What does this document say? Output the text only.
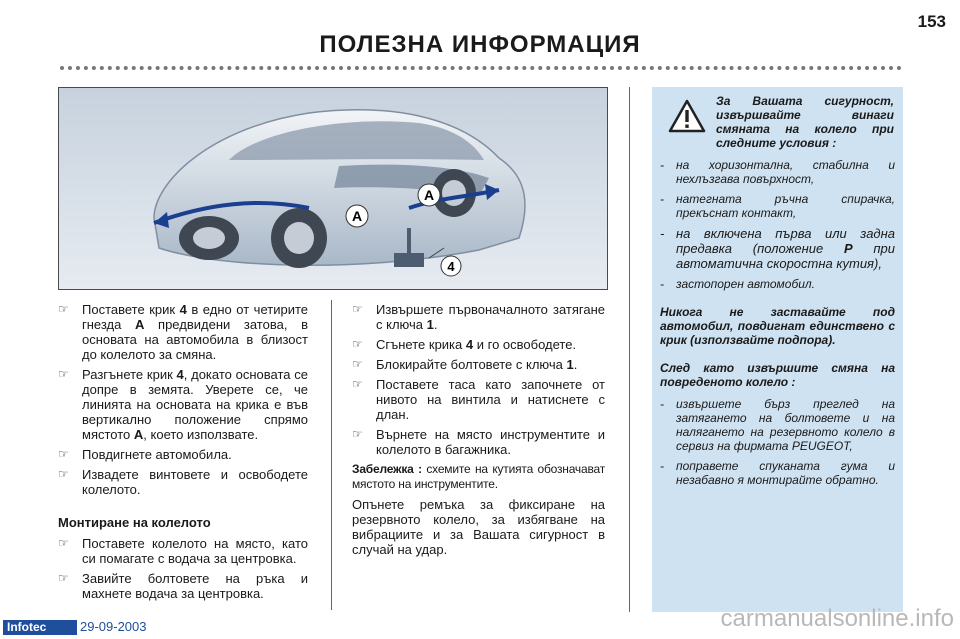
153
ПОЛЕЗНА ИНФОРМАЦИЯ
A
A
4
☞ Поставете крик 4 в едно от четирите гнезда A предвидени затова, в основата на автомобила в близост до колелото за смяна.
☞ Разгънете крик 4, докато основата се допре в земята. Уверете се, че линията на основата на крика е във вертикално положение спрямо мястото A, което използвате.
☞ Повдигнете автомобила.
☞ Извадете винтовете и освободете колелото.
Монтиране на колелото
☞ Поставете колелото на място, като си помагате с водача за центровка.
☞ Завийте болтовете на ръка и махнете водача за центровка.
☞ Извършете първоначалното затягане с ключа 1.
☞ Сгънете крика 4 и го освободете.
☞ Блокирайте болтовете с ключа 1.
☞ Поставете таса като започнете от нивото на винтила и натиснете с длан.
☞ Върнете на място инструментите и колелото в багажника.
Забележка : схемите на кутията обозначават мястото на инструментите.
Опънете ремъка за фиксиране на резервното колело, за избягване на вибрациите и за Вашата сигурност в случай на удар.
За Вашата сигурност, извършвайте винаги смяната на колело при следните условия :
- на хоризонтална, стабилна и нехлъзгава повърхност,
- натегната ръчна спирачка, прекъснат контакт,
- на включена първа или задна предавка (положение P при автоматична скоростна кутия),
- застопорен автомобил.
Никога не заставайте под автомобил, повдигнат единствено с крик (използвайте подпора).
След като извършите смяна на повреденото колело :
- извършете бърз преглед на затягането на болтовете и на налягането на резервното колело в сервиз на фирмата PEUGEOT,
- поправете спуканата гума и незабавно я монтирайте обратно.
Infotec	29-09-2003	carmanualsonline.info
